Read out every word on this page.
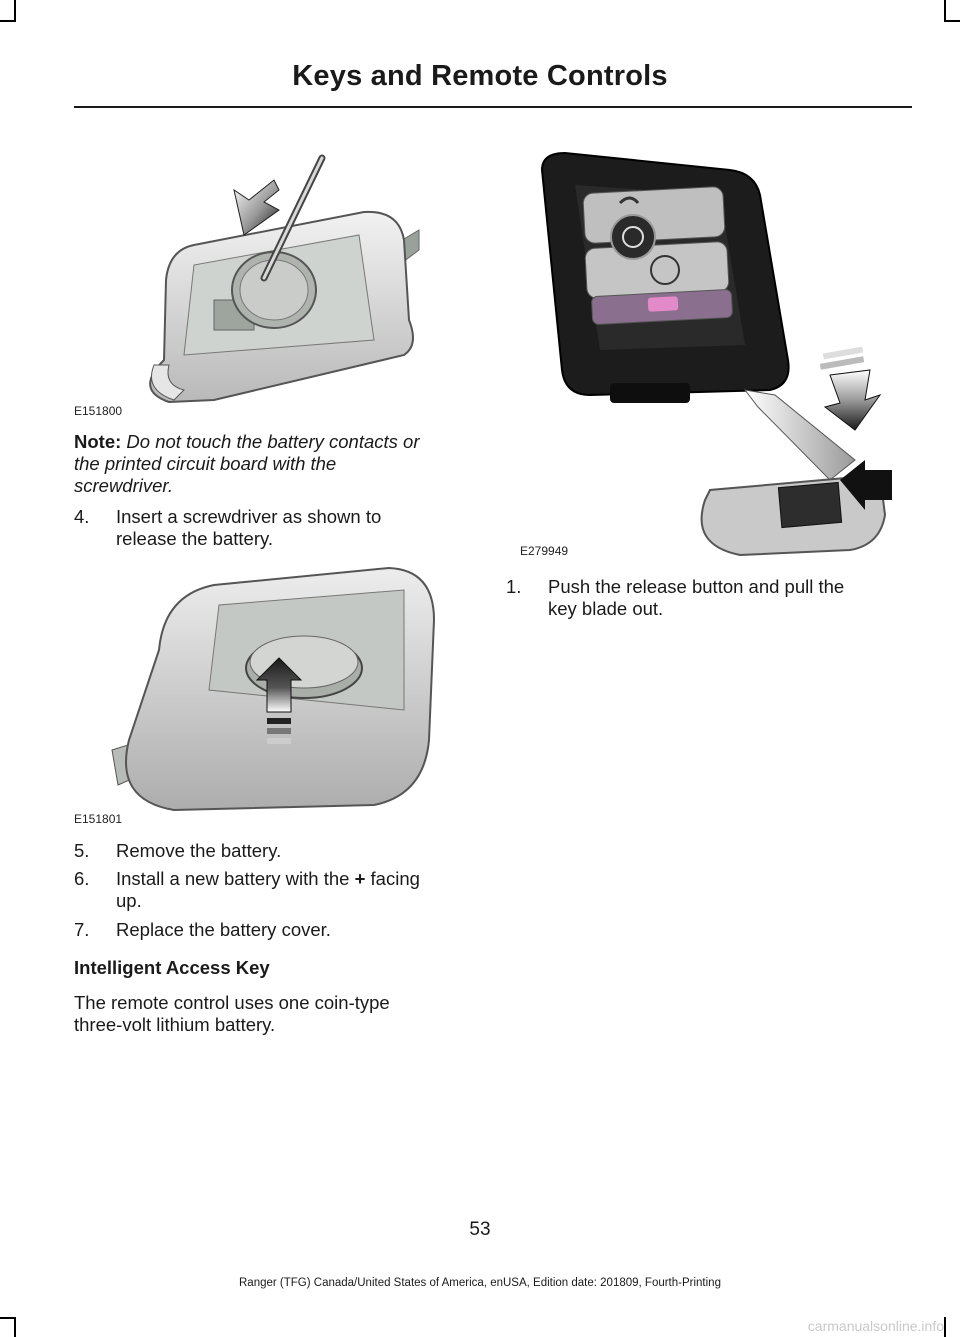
Keys and Remote Controls
E151800
Note: Do not touch the battery contacts or
the printed circuit board with the
screwdriver.
4. Insert a screwdriver as shown to
release the battery.
E151801
5. Remove the battery.
6. Install a new battery with the + facing
up.
7. Replace the battery cover.
Intelligent Access Key
The remote control uses one coin-type
three-volt lithium battery.
E279949
1. Push the release button and pull the
key blade out.
53
Ranger (TFG) Canada/United States of America, enUSA, Edition date: 201809, Fourth-Printing
carmanualsonline.info
